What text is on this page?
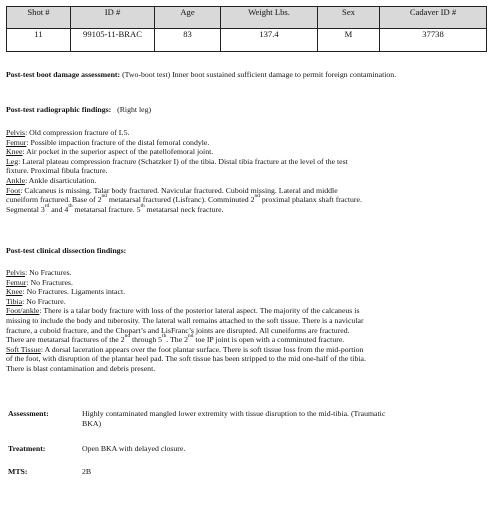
Shot #	ID #	Age	Weight Lbs.	Sex	Cadaver ID #
11	99105-11-BRAC	83	137.4	M	37738
Post-test boot damage assessment: (Two-boot test) Inner boot sustained sufficient damage to permit foreign contamination.
Post-test radiographic findings: (Right leg)
Pelvis: Old compression fracture of L5.
Femur: Possible impaction fracture of the distal femoral condyle.
Knee: Air pocket in the superior aspect of the patellofemoral joint.
Leg: Lateral plateau compression fracture (Schatzker I) of the tibia. Distal tibia fracture at the level of the test
fixture. Proximal fibula fracture.
Ankle: Ankle disarticulation.
Foot: Calcaneus is missing. Talar body fractured. Navicular fractured. Cuboid missing. Lateral and middle
cuneiform fractured. Base of 2nd metatarsal fractured (Lisfranc). Comminuted 2nd proximal phalanx shaft fracture.
Segmental 3rd and 4th metatarsal fracture. 5th metatarsal neck fracture.
Post-test clinical dissection findings:
Pelvis: No Fractures.
Femur: No Fractures.
Knee: No Fractures. Ligaments intact.
Tibia: No Fracture.
Foot/ankle: There is a talar body fracture with loss of the posterior lateral aspect. The majority of the calcaneus is
missing to include the body and tuberosity. The lateral wall remains attached to the soft tissue. There is a navicular
fracture, a cuboid fracture, and the Chopart’s and LisFranc’s joints are disrupted. All cuneiforms are fractured.
There are metatarsal fractures of the 2nd through 5th. The 2nd toe IP joint is open with a comminuted fracture.
Soft Tissue: A dorsal laceration appears over the foot plantar surface. There is soft tissue loss from the mid-portion
of the foot, with disruption of the plantar heel pad. The soft tissue has been stripped to the mid one-half of the tibia.
There is blast contamination and debris present.
Assessment:	Highly contaminated mangled lower extremity with tissue disruption to the mid-tibia. (Traumatic
BKA)
Treatment:	Open BKA with delayed closure.
MTS:	2B
